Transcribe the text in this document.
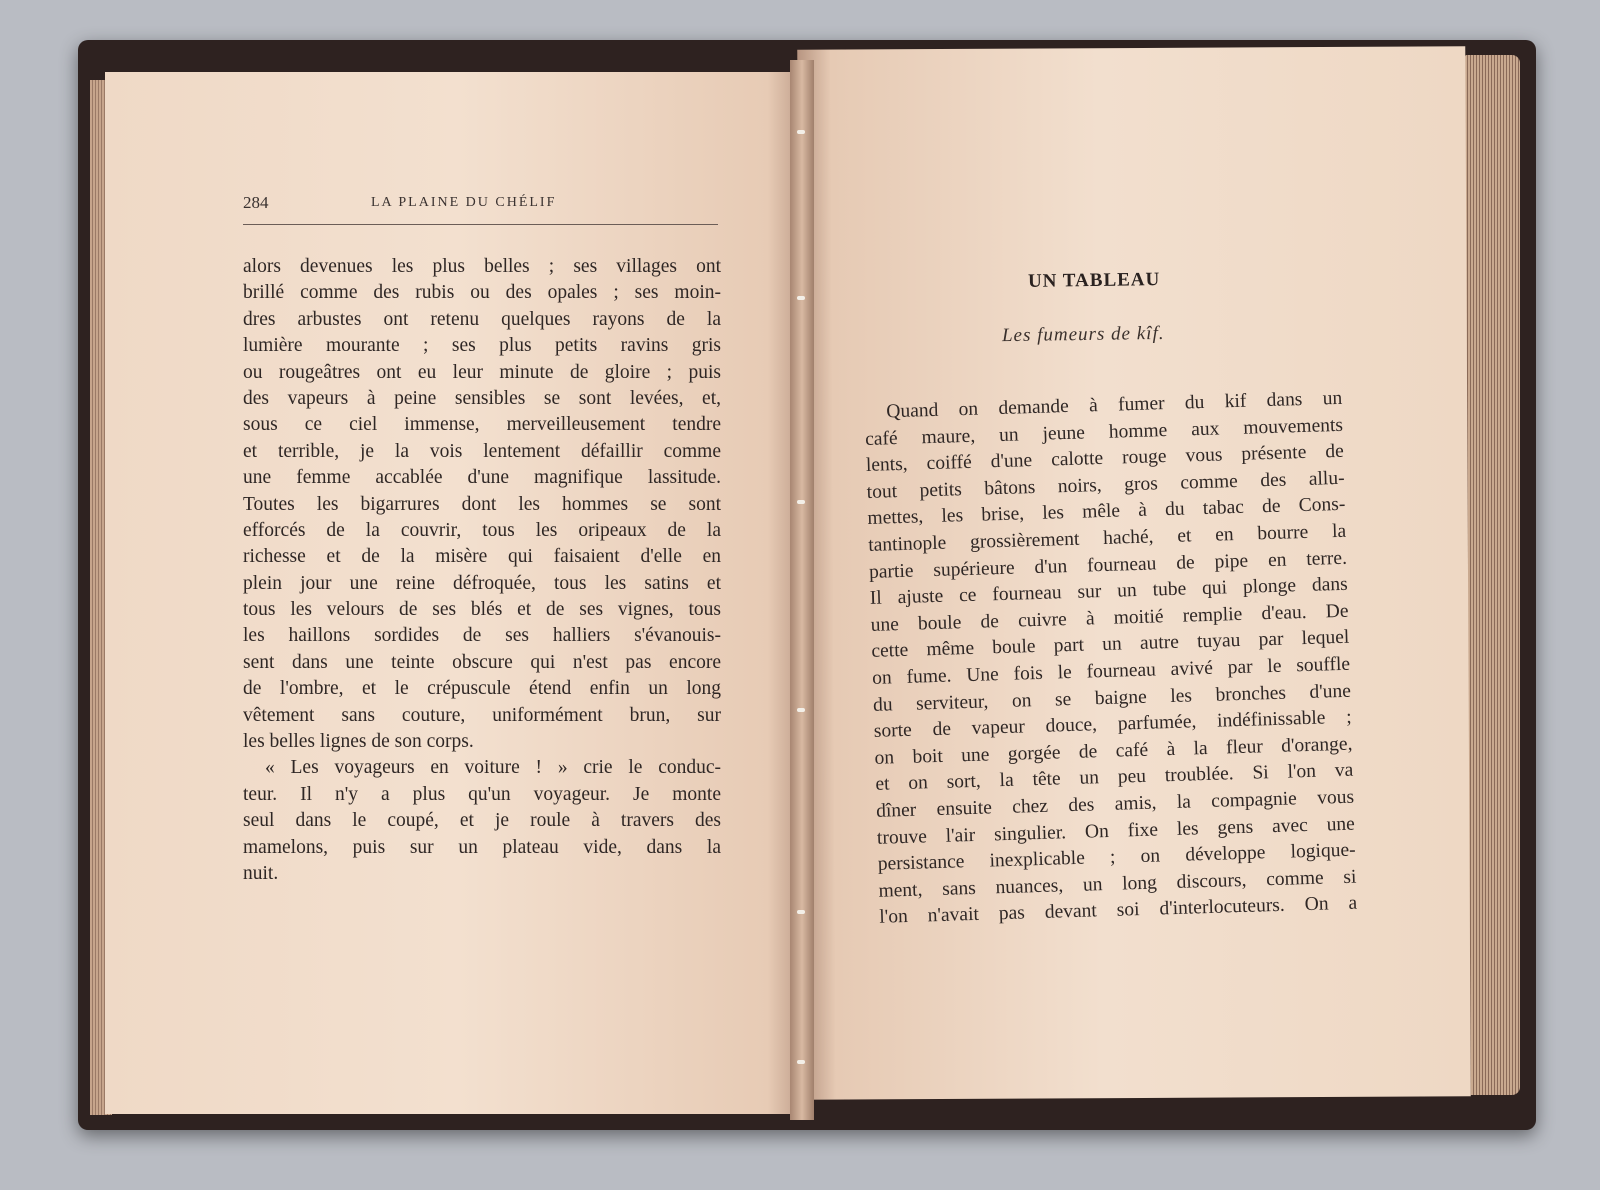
284	LA PLAINE DU CHÉLIF
alors devenues les plus belles ; ses villages ont
brillé comme des rubis ou des opales ; ses moin-
dres arbustes ont retenu quelques rayons de la
lumière mourante ; ses plus petits ravins gris
ou rougeâtres ont eu leur minute de gloire ; puis
des vapeurs à peine sensibles se sont levées, et,
sous ce ciel immense, merveilleusement tendre
et terrible, je la vois lentement défaillir comme
une femme accablée d'une magnifique lassitude.
Toutes les bigarrures dont les hommes se sont
efforcés de la couvrir, tous les oripeaux de la
richesse et de la misère qui faisaient d'elle en
plein jour une reine défroquée, tous les satins et
tous les velours de ses blés et de ses vignes, tous
les haillons sordides de ses halliers s'évanouis-
sent dans une teinte obscure qui n'est pas encore
de l'ombre, et le crépuscule étend enfin un long
vêtement sans couture, uniformément brun, sur
les belles lignes de son corps.
« Les voyageurs en voiture ! » crie le conduc-
teur. Il n'y a plus qu'un voyageur. Je monte
seul dans le coupé, et je roule à travers des
mamelons, puis sur un plateau vide, dans la
nuit.
UN TABLEAU
Les fumeurs de kîf.
Quand on demande à fumer du kif dans un
café maure, un jeune homme aux mouvements
lents, coiffé d'une calotte rouge vous présente de
tout petits bâtons noirs, gros comme des allu-
mettes, les brise, les mêle à du tabac de Cons-
tantinople grossièrement haché, et en bourre la
partie supérieure d'un fourneau de pipe en terre.
Il ajuste ce fourneau sur un tube qui plonge dans
une boule de cuivre à moitié remplie d'eau. De
cette même boule part un autre tuyau par lequel
on fume. Une fois le fourneau avivé par le souffle
du serviteur, on se baigne les bronches d'une
sorte de vapeur douce, parfumée, indéfinissable ;
on boit une gorgée de café à la fleur d'orange,
et on sort, la tête un peu troublée. Si l'on va
dîner ensuite chez des amis, la compagnie vous
trouve l'air singulier. On fixe les gens avec une
persistance inexplicable ; on développe logique-
ment, sans nuances, un long discours, comme si
l'on n'avait pas devant soi d'interlocuteurs. On a
